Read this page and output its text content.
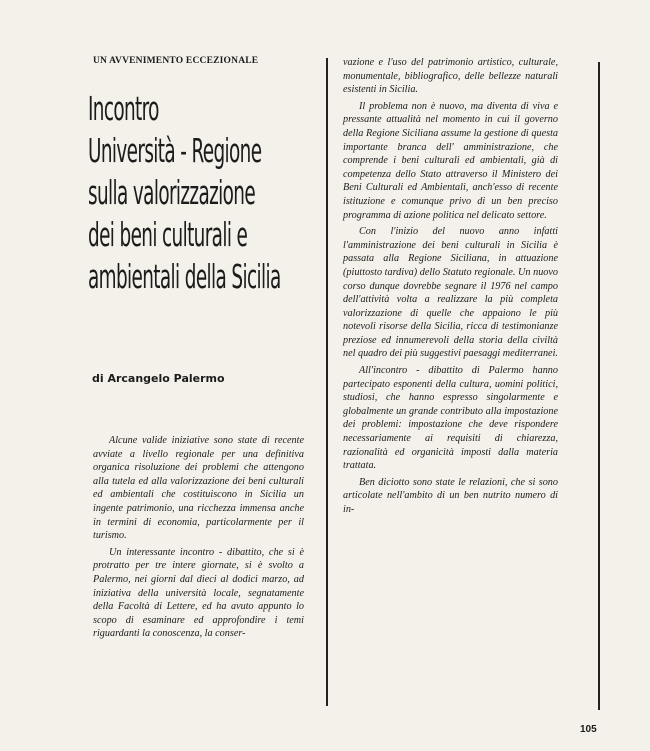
UN AVVENIMENTO ECCEZIONALE
Incontro
Università - Regione
sulla valorizzazione
dei beni culturali e
ambientali della Sicilia
di Arcangelo Palermo

Alcune valide iniziative sono state di recente avviate a livello regionale per una definitiva organica risoluzione dei problemi che attengono alla tutela ed alla valorizzazione dei beni culturali ed ambientali che costituiscono in Sicilia un ingente patrimonio, una ricchezza immensa anche in termini di economia, particolarmente per il turismo.

Un interessante incontro - dibattito, che si è protratto per tre intere giornate, si è svolto a Palermo, nei giorni dal dieci al dodici marzo, ad iniziativa della università locale, segnatamente della Facoltà di Lettere, ed ha avuto appunto lo scopo di esaminare ed approfondire i temi riguardanti la conoscenza, la conser-

vazione e l'uso del patrimonio artistico, culturale, monumentale, bibliografico, delle bellezze naturali esistenti in Sicilia.

Il problema non è nuovo, ma diventa di viva e pressante attualità nel momento in cui il governo della Regione Siciliana assume la gestione di questa importante branca dell' amministrazione, che comprende i beni culturali ed ambientali, già di competenza dello Stato attraverso il Ministero dei Beni Culturali ed Ambientali, anch'esso di recente istituzione e comunque privo di un ben preciso programma di azione politica nel delicato settore.

Con l'inizio del nuovo anno infatti l'amministrazione dei beni culturali in Sicilia è passata alla Regione Siciliana, in attuazione (piuttosto tardiva) dello Statuto regionale. Un nuovo corso dunque dovrebbe segnare il 1976 nel campo dell'attività volta a realizzare la più completa valorizzazione di quelle che appaiono le più notevoli risorse della Sicilia, ricca di testimonianze preziose ed innumerevoli della storia della civiltà nel quadro dei più suggestivi paesaggi mediterranei.

All'incontro - dibattito di Palermo hanno partecipato esponenti della cultura, uomini politici, studiosi, che hanno espresso singolarmente e globalmente un grande contributo alla impostazione dei problemi: impostazione che deve rispondere necessariamente ai requisiti di chiarezza, razionalità ed organicità imposti dalla materia trattata.

Ben diciotto sono state le relazioni, che si sono articolate nell'ambito di un ben nutrito numero di in-

105
